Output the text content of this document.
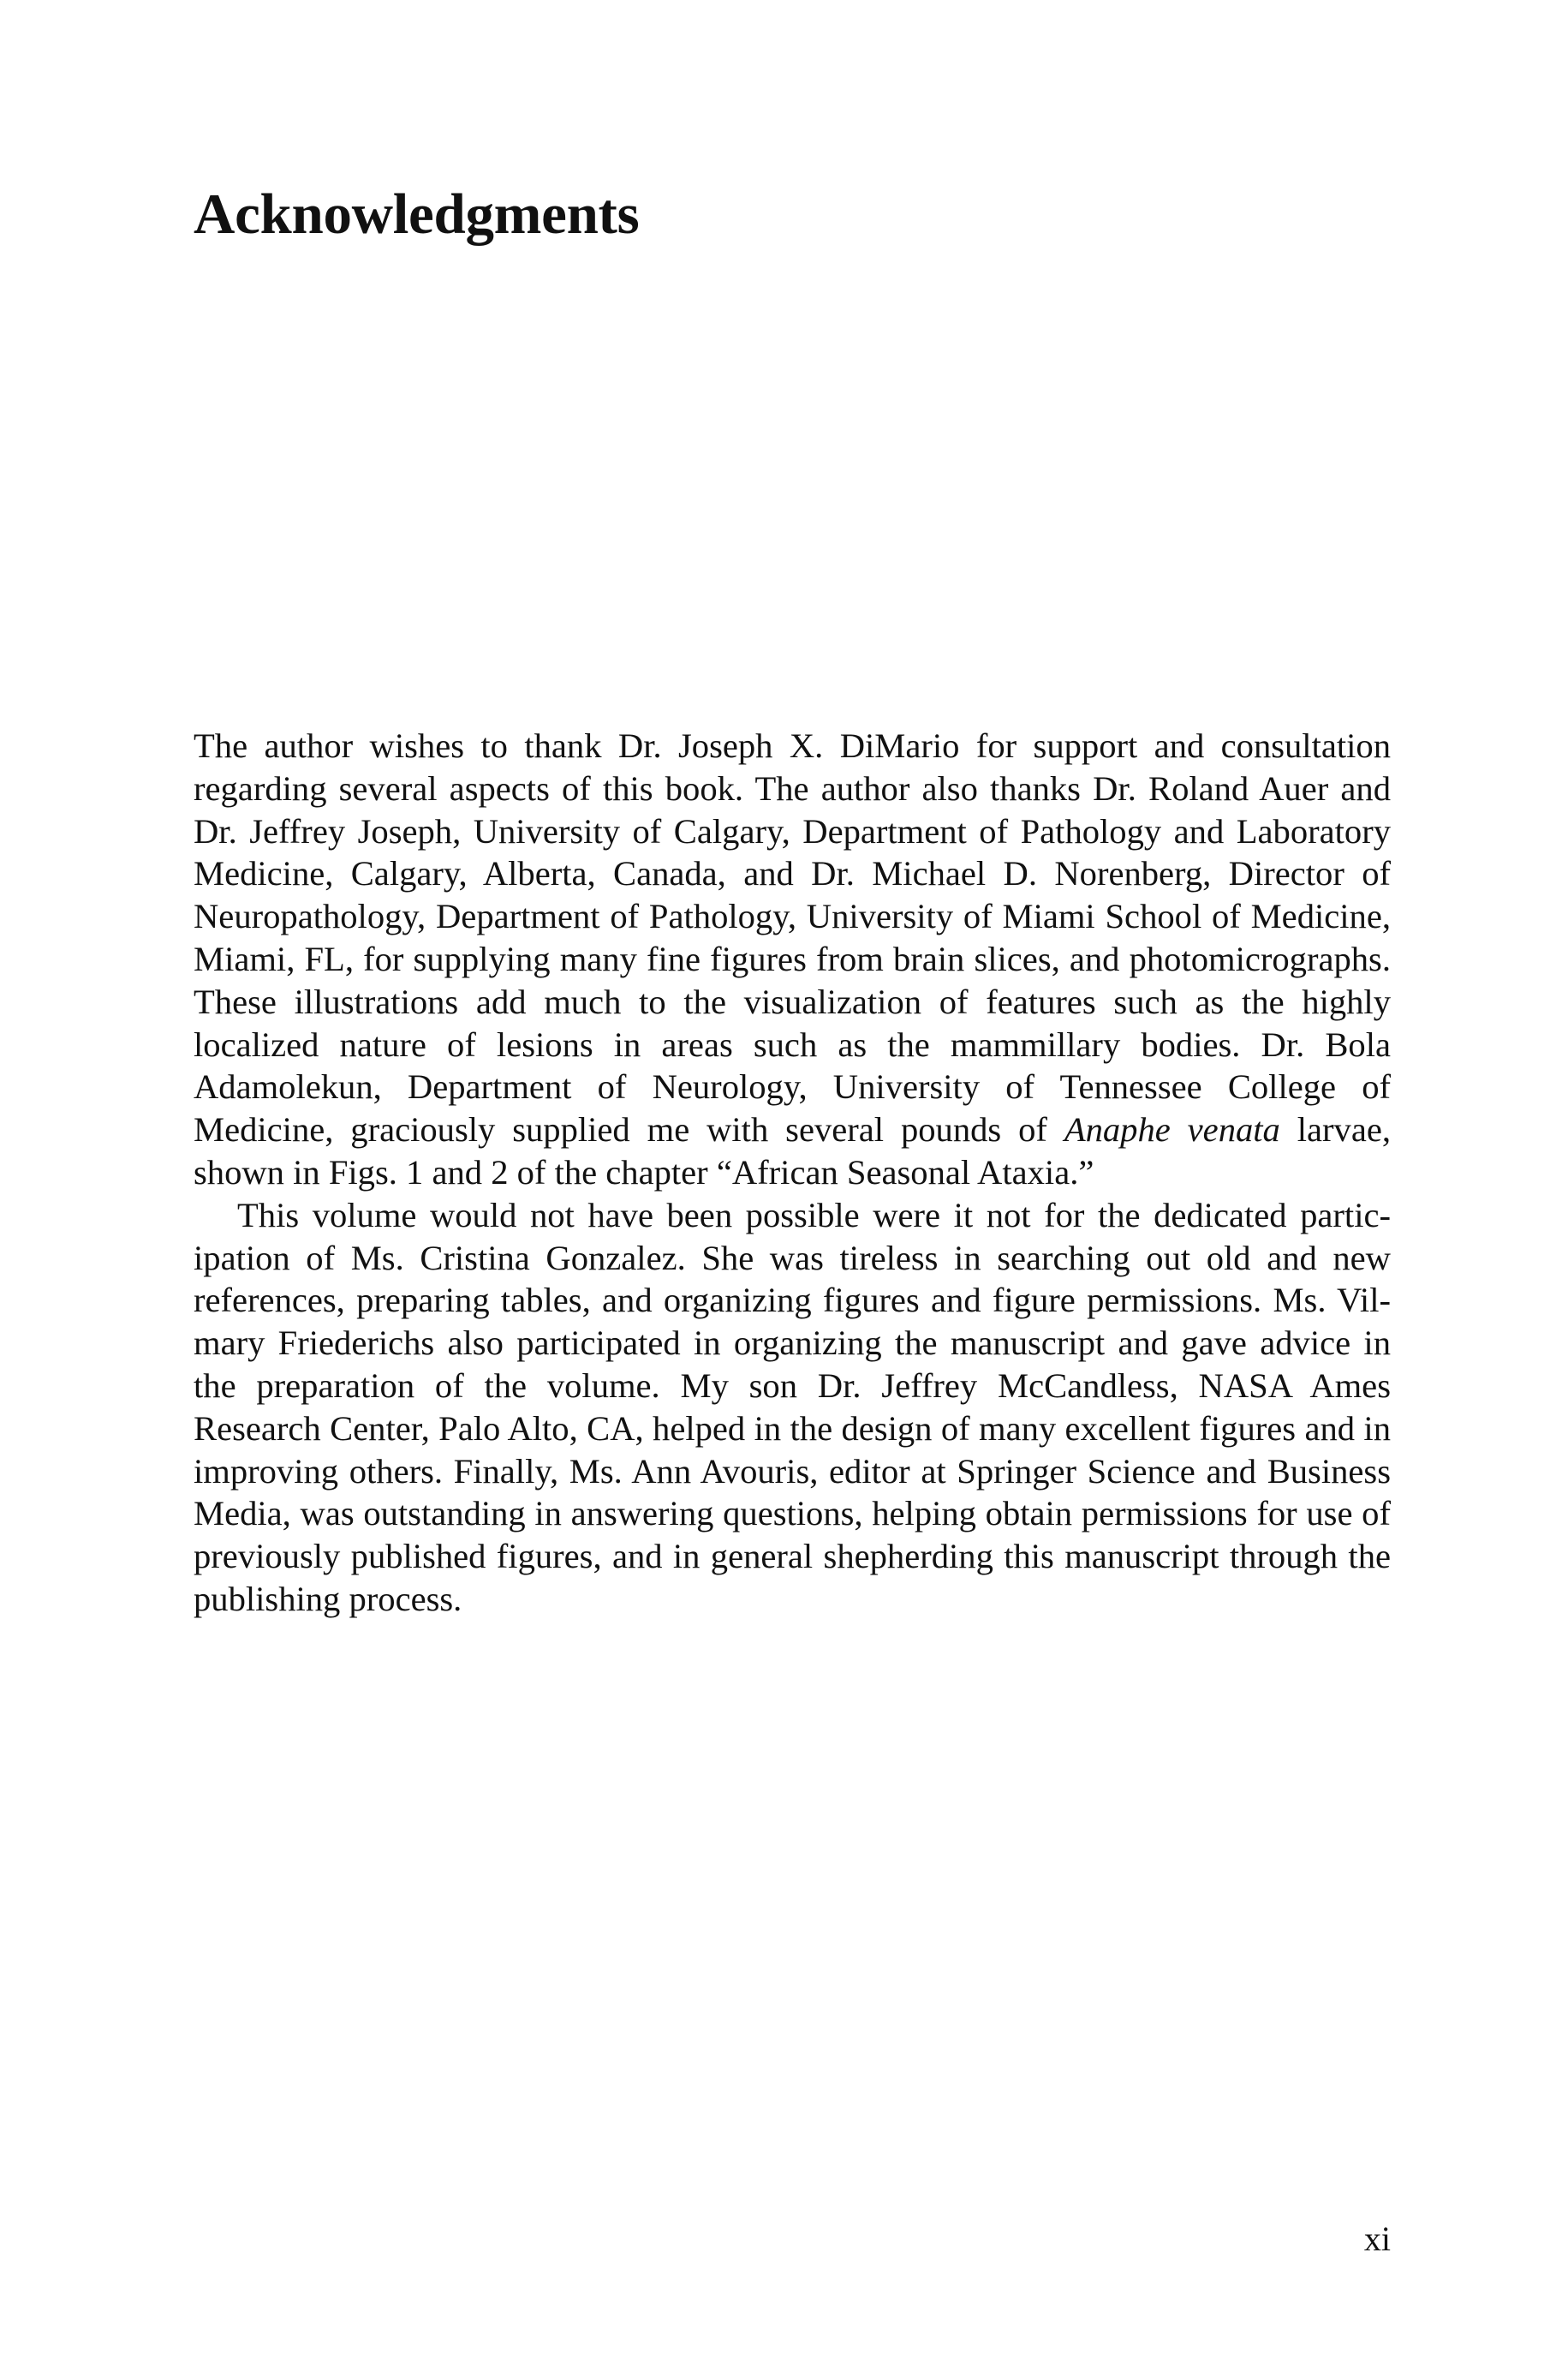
Acknowledgments

The author wishes to thank Dr. Joseph X. DiMario for support and consultation regarding several aspects of this book. The author also thanks Dr. Roland Auer and Dr. Jeffrey Joseph, University of Calgary, Department of Pathology and Laboratory Medicine, Calgary, Alberta, Canada, and Dr. Michael D. Norenberg, Director of Neuropathology, Department of Pathology, University of Miami School of Medicine, Miami, FL, for supplying many fine figures from brain slices, and photomicrographs. These illustrations add much to the visualization of features such as the highly localized nature of lesions in areas such as the mammillary bodies. Dr. Bola Adamolekun, Department of Neurology, University of Tennessee College of Medicine, graciously supplied me with several pounds of Anaphe venata larvae, shown in Figs. 1 and 2 of the chapter “African Seasonal Ataxia.”

This volume would not have been possible were it not for the dedicated participation of Ms. Cristina Gonzalez. She was tireless in searching out old and new references, preparing tables, and organizing figures and figure permissions. Ms. Vilmary Friederichs also participated in organizing the manuscript and gave advice in the preparation of the volume. My son Dr. Jeffrey McCandless, NASA Ames Research Center, Palo Alto, CA, helped in the design of many excellent figures and in improving others. Finally, Ms. Ann Avouris, editor at Springer Science and Business Media, was outstanding in answering questions, helping obtain permissions for use of previously published figures, and in general shepherding this manuscript through the publishing process.

xi
